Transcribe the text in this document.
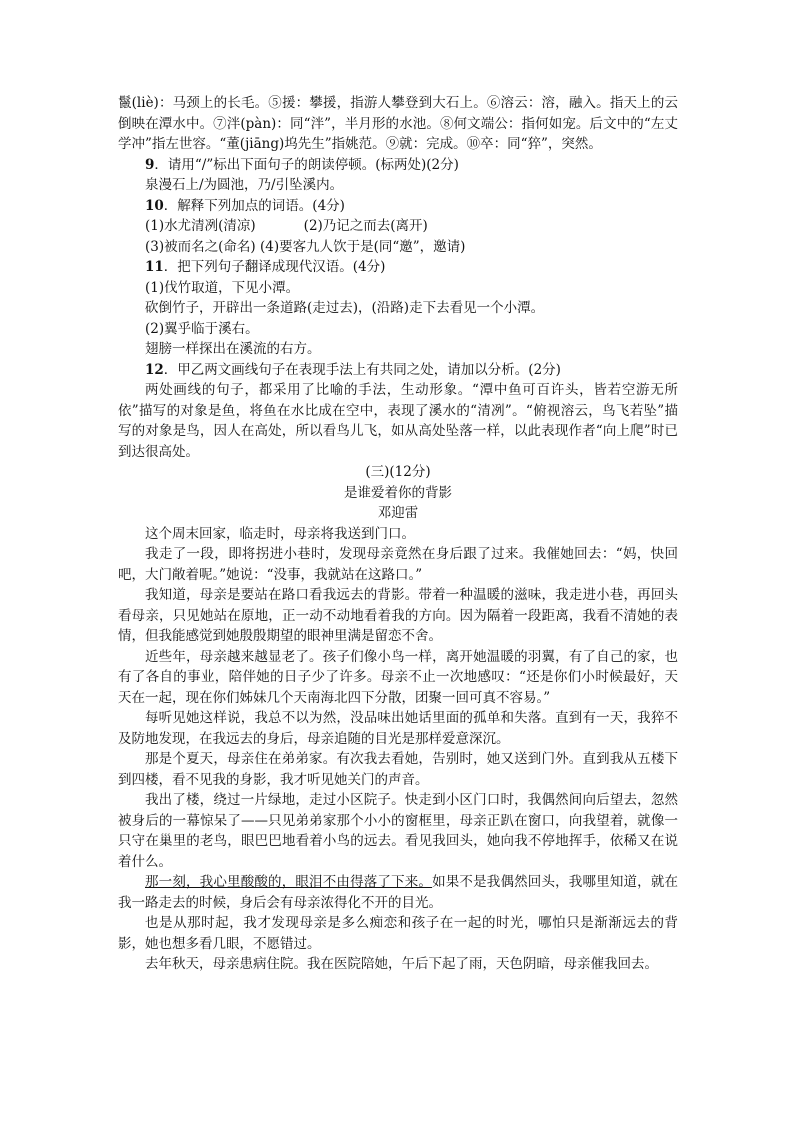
鬣(liè)：马颈上的长毛。⑤援：攀援，指游人攀登到大石上。⑥溶云：溶，融入。指天上的云倒映在潭水中。⑦泮(pàn)：同“泮”，半月形的水池。⑧何文端公：指何如宠。后文中的“左丈学冲”指左世容。“董(jiāng)坞先生”指姚范。⑨就：完成。⑩卒：同“猝”，突然。

9．请用“/”标出下面句子的朗读停顿。(标两处)(2分)

泉漫石上/为圆池，乃/引坠溪内。

10．解释下列加点的词语。(4分)

(1)水尤清冽(清凉)	(2)乃记之而去(离开)

(3)被而名之(命名) (4)要客九人饮于是(同“邀”，邀请)

11．把下列句子翻译成现代汉语。(4分)

(1)伐竹取道，下见小潭。

砍倒竹子，开辟出一条道路(走过去)，(沿路)走下去看见一个小潭。

(2)翼乎临于溪右。

翅膀一样探出在溪流的右方。

12．甲乙两文画线句子在表现手法上有共同之处，请加以分析。(2分)

两处画线的句子，都采用了比喻的手法，生动形象。“潭中鱼可百许头，皆若空游无所依”描写的对象是鱼，将鱼在水比成在空中，表现了溪水的“清冽”。“俯视溶云，鸟飞若坠”描写的对象是鸟，因人在高处，所以看鸟儿飞，如从高处坠落一样，以此表现作者“向上爬”时已到达很高处。

(三)(12分)

是谁爱着你的背影

邓迎雷

这个周末回家，临走时，母亲将我送到门口。

我走了一段，即将拐进小巷时，发现母亲竟然在身后跟了过来。我催她回去：“妈，快回吧，大门敞着呢。”她说：“没事，我就站在这路口。”

我知道，母亲是要站在路口看我远去的背影。带着一种温暖的滋味，我走进小巷，再回头看母亲，只见她站在原地，正一动不动地看着我的方向。因为隔着一段距离，我看不清她的表情，但我能感觉到她殷殷期望的眼神里满是留恋不舍。

近些年，母亲越来越显老了。孩子们像小鸟一样，离开她温暖的羽翼，有了自己的家，也有了各自的事业，陪伴她的日子少了许多。母亲不止一次地感叹：“还是你们小时候最好，天天在一起，现在你们姊妹几个天南海北四下分散，团聚一回可真不容易。”

每听见她这样说，我总不以为然，没品味出她话里面的孤单和失落。直到有一天，我猝不及防地发现，在我远去的身后，母亲追随的目光是那样爱意深沉。

那是个夏天，母亲住在弟弟家。有次我去看她，告别时，她又送到门外。直到我从五楼下到四楼，看不见我的身影，我才听见她关门的声音。

我出了楼，绕过一片绿地，走过小区院子。快走到小区门口时，我偶然间向后望去，忽然被身后的一幕惊呆了——只见弟弟家那个小小的窗框里，母亲正趴在窗口，向我望着，就像一只守在巢里的老鸟，眼巴巴地看着小鸟的远去。看见我回头，她向我不停地挥手，依稀又在说着什么。

那一刻，我心里酸酸的，眼泪不由得落了下来。如果不是我偶然回头，我哪里知道，就在我一路走去的时候，身后会有母亲浓得化不开的目光。

也是从那时起，我才发现母亲是多么痴恋和孩子在一起的时光，哪怕只是渐渐远去的背影，她也想多看几眼，不愿错过。

去年秋天，母亲患病住院。我在医院陪她，午后下起了雨，天色阴暗，母亲催我回去。
